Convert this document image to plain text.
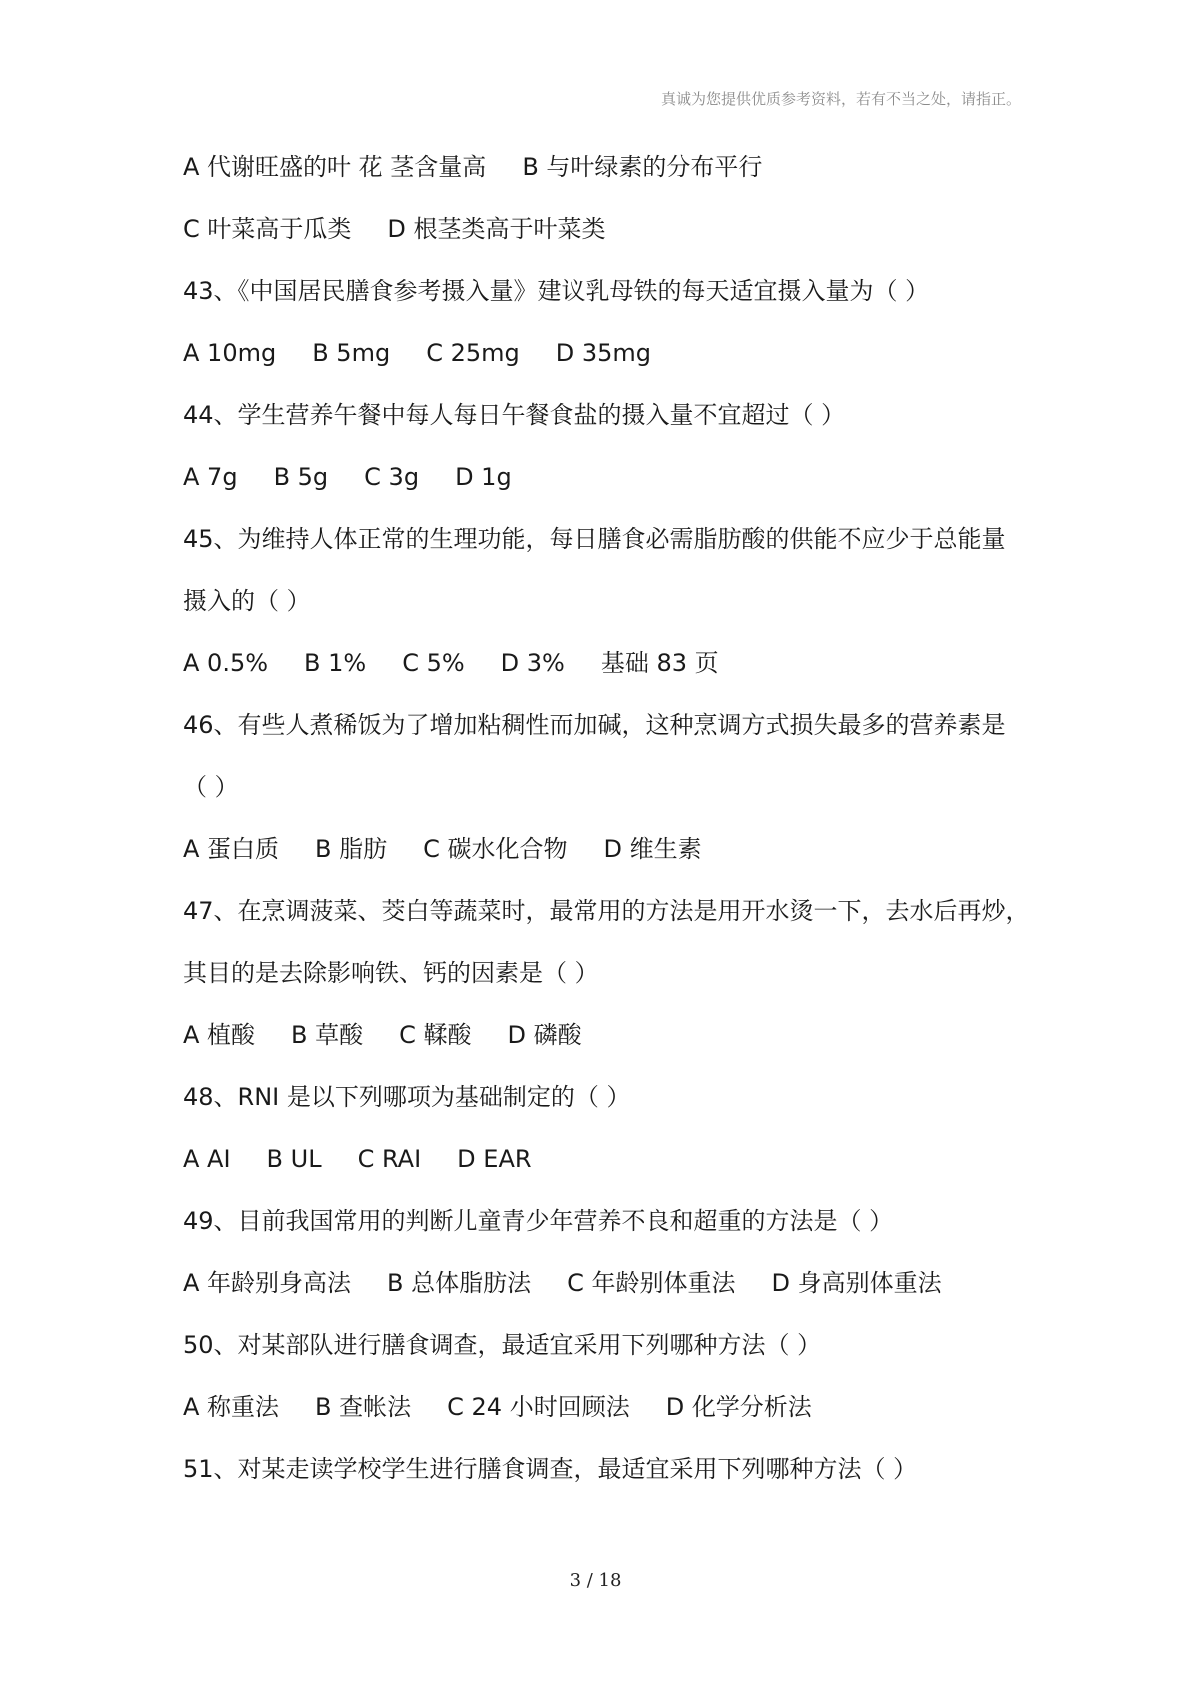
真诚为您提供优质参考资料，若有不当之处，请指正。
A 代谢旺盛的叶 花 茎含量高 B 与叶绿素的分布平行
C 叶菜高于瓜类 D 根茎类高于叶菜类
43、《中国居民膳食参考摄入量》建议乳母铁的每天适宜摄入量为（ ）
A 10mg B 5mg C 25mg D 35mg
44、学生营养午餐中每人每日午餐食盐的摄入量不宜超过（ ）
A 7g B 5g C 3g D 1g
45、为维持人体正常的生理功能，每日膳食必需脂肪酸的供能不应少于总能量
摄入的（ ）
A 0.5% B 1% C 5% D 3% 基础 83 页
46、有些人煮稀饭为了增加粘稠性而加碱，这种烹调方式损失最多的营养素是
（ ）
A 蛋白质 B 脂肪 C 碳水化合物 D 维生素
47、在烹调菠菜、茭白等蔬菜时，最常用的方法是用开水烫一下，去水后再炒，
其目的是去除影响铁、钙的因素是（ ）
A 植酸 B 草酸 C 鞣酸 D 磷酸
48、RNI 是以下列哪项为基础制定的（ ）
A AI B UL C RAI D EAR
49、目前我国常用的判断儿童青少年营养不良和超重的方法是（ ）
A 年龄别身高法 B 总体脂肪法 C 年龄别体重法 D 身高别体重法
50、对某部队进行膳食调查，最适宜采用下列哪种方法（ ）
A 称重法 B 查帐法 C 24 小时回顾法 D 化学分析法
51、对某走读学校学生进行膳食调查，最适宜采用下列哪种方法（ ）
3 / 18
